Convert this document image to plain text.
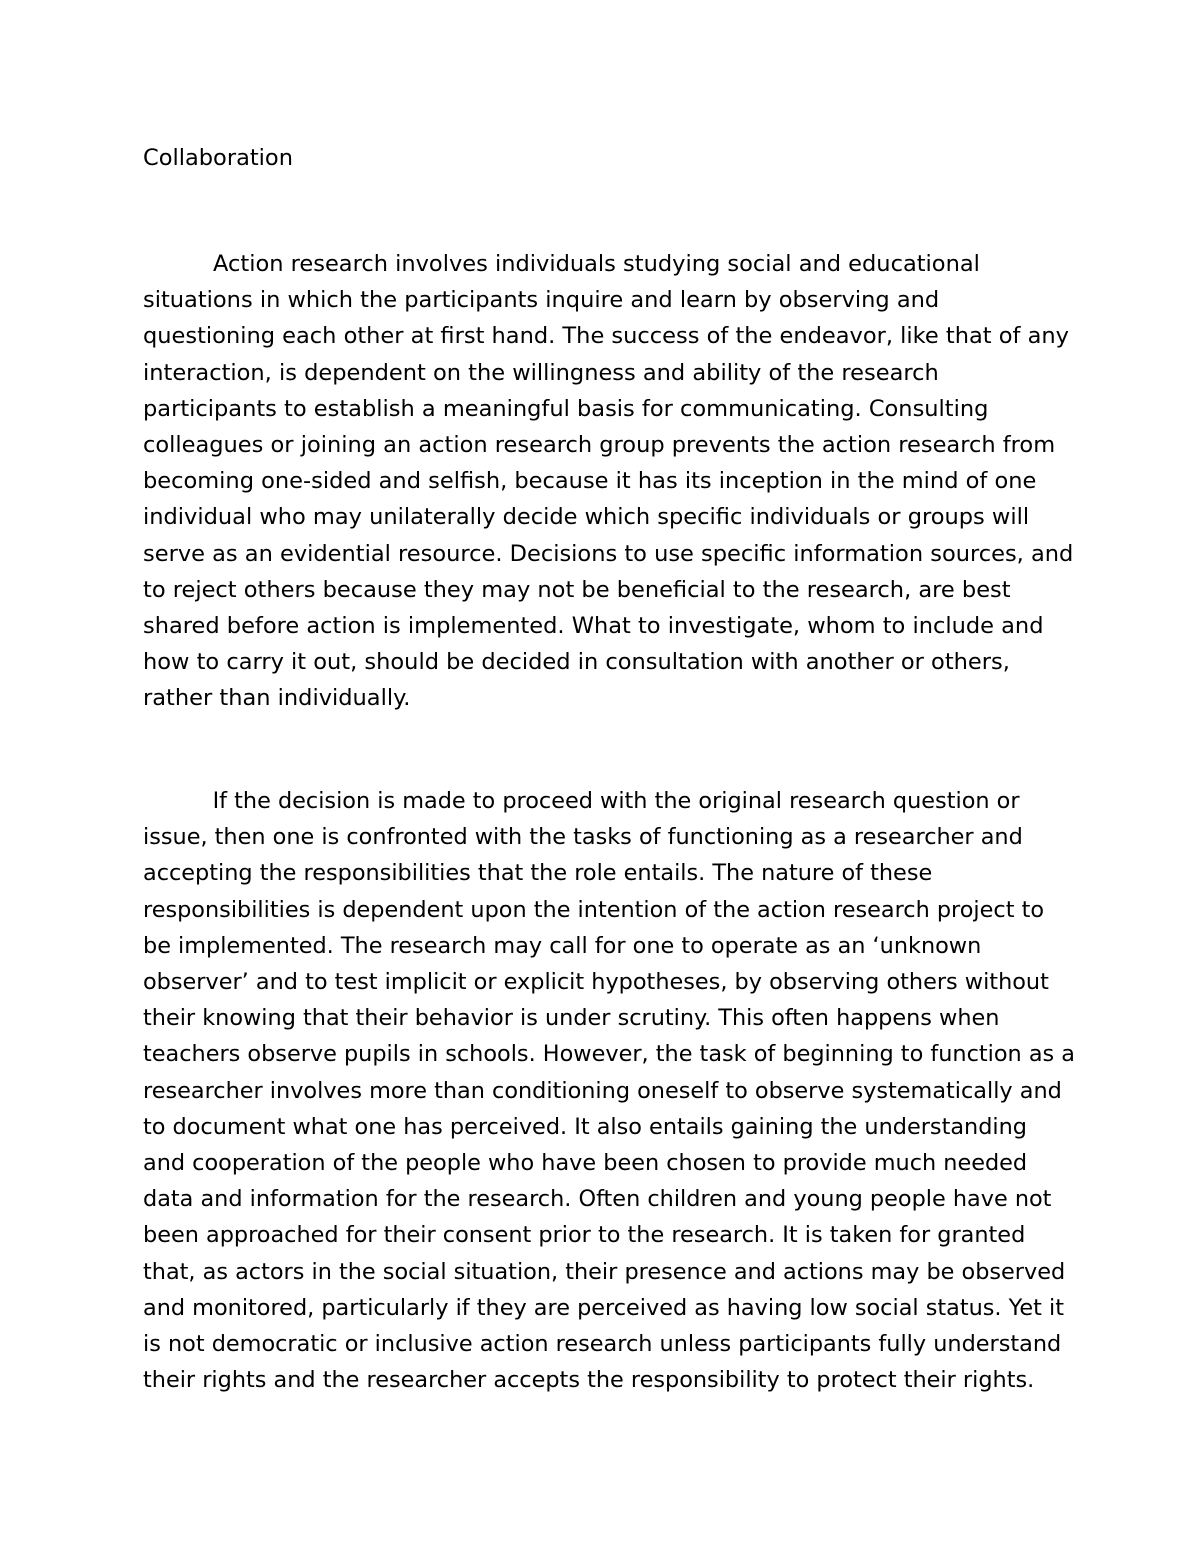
Collaboration

Action research involves individuals studying social and educational
situations in which the participants inquire and learn by observing and
questioning each other at first hand. The success of the endeavor, like that of any
interaction, is dependent on the willingness and ability of the research
participants to establish a meaningful basis for communicating. Consulting
colleagues or joining an action research group prevents the action research from
becoming one-sided and selfish, because it has its inception in the mind of one
individual who may unilaterally decide which specific individuals or groups will
serve as an evidential resource. Decisions to use specific information sources, and
to reject others because they may not be beneficial to the research, are best
shared before action is implemented. What to investigate, whom to include and
how to carry it out, should be decided in consultation with another or others,
rather than individually.

If the decision is made to proceed with the original research question or
issue, then one is confronted with the tasks of functioning as a researcher and
accepting the responsibilities that the role entails. The nature of these
responsibilities is dependent upon the intention of the action research project to
be implemented. The research may call for one to operate as an ‘unknown
observer’ and to test implicit or explicit hypotheses, by observing others without
their knowing that their behavior is under scrutiny. This often happens when
teachers observe pupils in schools. However, the task of beginning to function as a
researcher involves more than conditioning oneself to observe systematically and
to document what one has perceived. It also entails gaining the understanding
and cooperation of the people who have been chosen to provide much needed
data and information for the research. Often children and young people have not
been approached for their consent prior to the research. It is taken for granted
that, as actors in the social situation, their presence and actions may be observed
and monitored, particularly if they are perceived as having low social status. Yet it
is not democratic or inclusive action research unless participants fully understand
their rights and the researcher accepts the responsibility to protect their rights.
